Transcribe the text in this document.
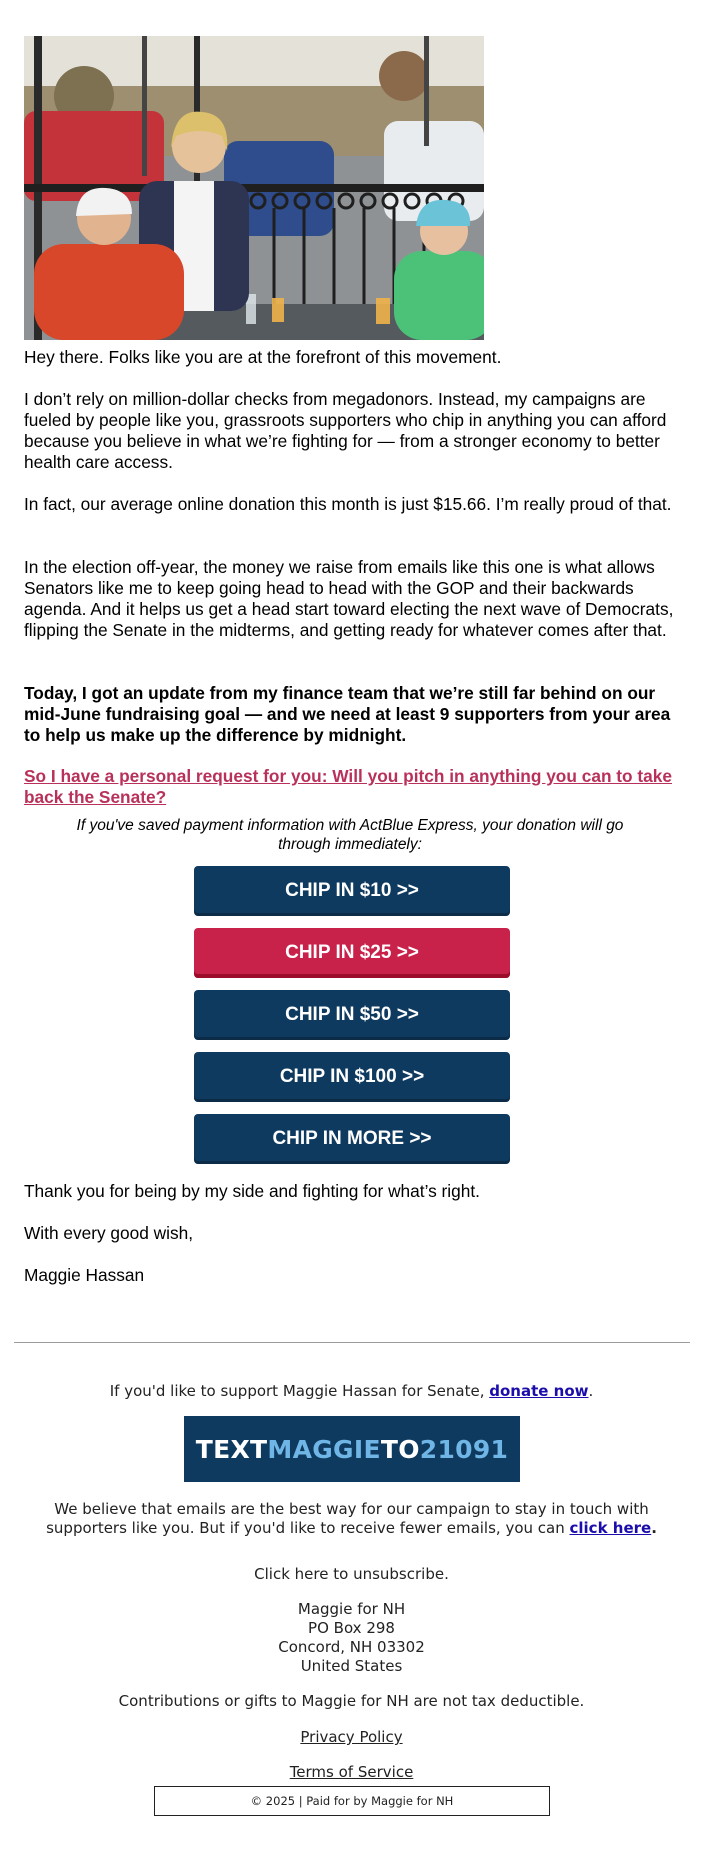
Hey there. Folks like you are at the forefront of this movement.

I don’t rely on million-dollar checks from megadonors. Instead, my campaigns are fueled by people like you, grassroots supporters who chip in anything you can afford because you believe in what we’re fighting for — from a stronger economy to better health care access.

In fact, our average online donation this month is just $15.66. I’m really proud of that.

In the election off-year, the money we raise from emails like this one is what allows Senators like me to keep going head to head with the GOP and their backwards agenda. And it helps us get a head start toward electing the next wave of Democrats, flipping the Senate in the midterms, and getting ready for whatever comes after that.

Today, I got an update from my finance team that we’re still far behind on our mid-June fundraising goal — and we need at least 9 supporters from your area to help us make up the difference by midnight.

So I have a personal request for you: Will you pitch in anything you can to take back the Senate?
If you've saved payment information with ActBlue Express, your donation will go through immediately:
CHIP IN $10 >>
CHIP IN $25 >>
CHIP IN $50 >>
CHIP IN $100 >>
CHIP IN MORE >>

Thank you for being by my side and fighting for what’s right.

With every good wish,

Maggie Hassan

If you'd like to support Maggie Hassan for Senate, donate now.
TEXT MAGGIE TO 21091
We believe that emails are the best way for our campaign to stay in touch with supporters like you. But if you'd like to receive fewer emails, you can click here.
Click here to unsubscribe.
Maggie for NH
PO Box 298
Concord, NH 03302
United States
Contributions or gifts to Maggie for NH are not tax deductible.
Privacy Policy
Terms of Service
© 2025 | Paid for by Maggie for NH
